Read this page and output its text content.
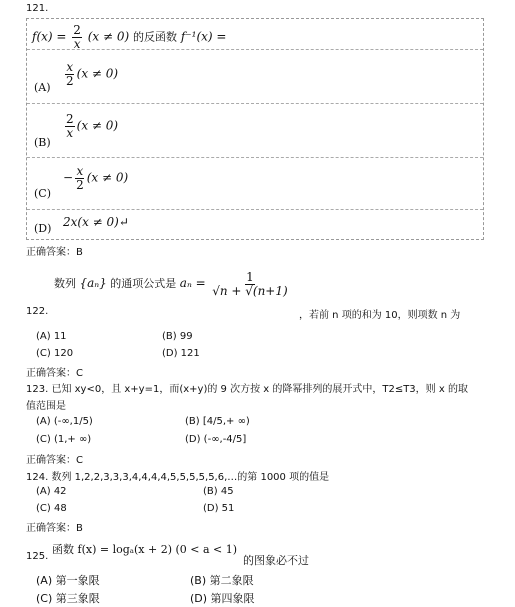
121.
$f(x) = \frac{2}{x} (x \ne 0)$ 的反函数 f⁻¹(x) =
(A)
$\frac{x}{2} (x \ne 0)$
(B)
$\frac{2}{x} (x \ne 0)$
(C)
− $\frac{x}{2} (x \ne 0)$
(D) 2x(x ≠ 0)↵
正确答案：B
数列 {aₙ} 的通项公式是 $a_n = \frac{1}{√n + √(n+1)}$
122.	，若前 n 项的和为 10，则项数 n 为
(A) 11	(B) 99
(C) 120	(D) 121
正确答案：C
123. 已知 xy<0，且 x+y=1，而(x+y)的 9 次方按 x 的降幂排列的展开式中，T2≤T3，则 x 的取
值范围是
(A) (-∞,1/5)	(B) [4/5,+ ∞)
(C) (1,+ ∞)	(D) (-∞,-4/5]
正确答案：C
124. 数列 1,2,2,3,3,3,4,4,4,4,5,5,5,5,5,6,…的第 1000 项的值是
(A) 42	(B) 45
(C) 48	(D) 51
正确答案：B
125.
函数 f(x) = logₐ(x + 2) (0 < a < 1)
的图象必不过
(A) 第一象限	(B) 第二象限
(C) 第三象限	(D) 第四象限
